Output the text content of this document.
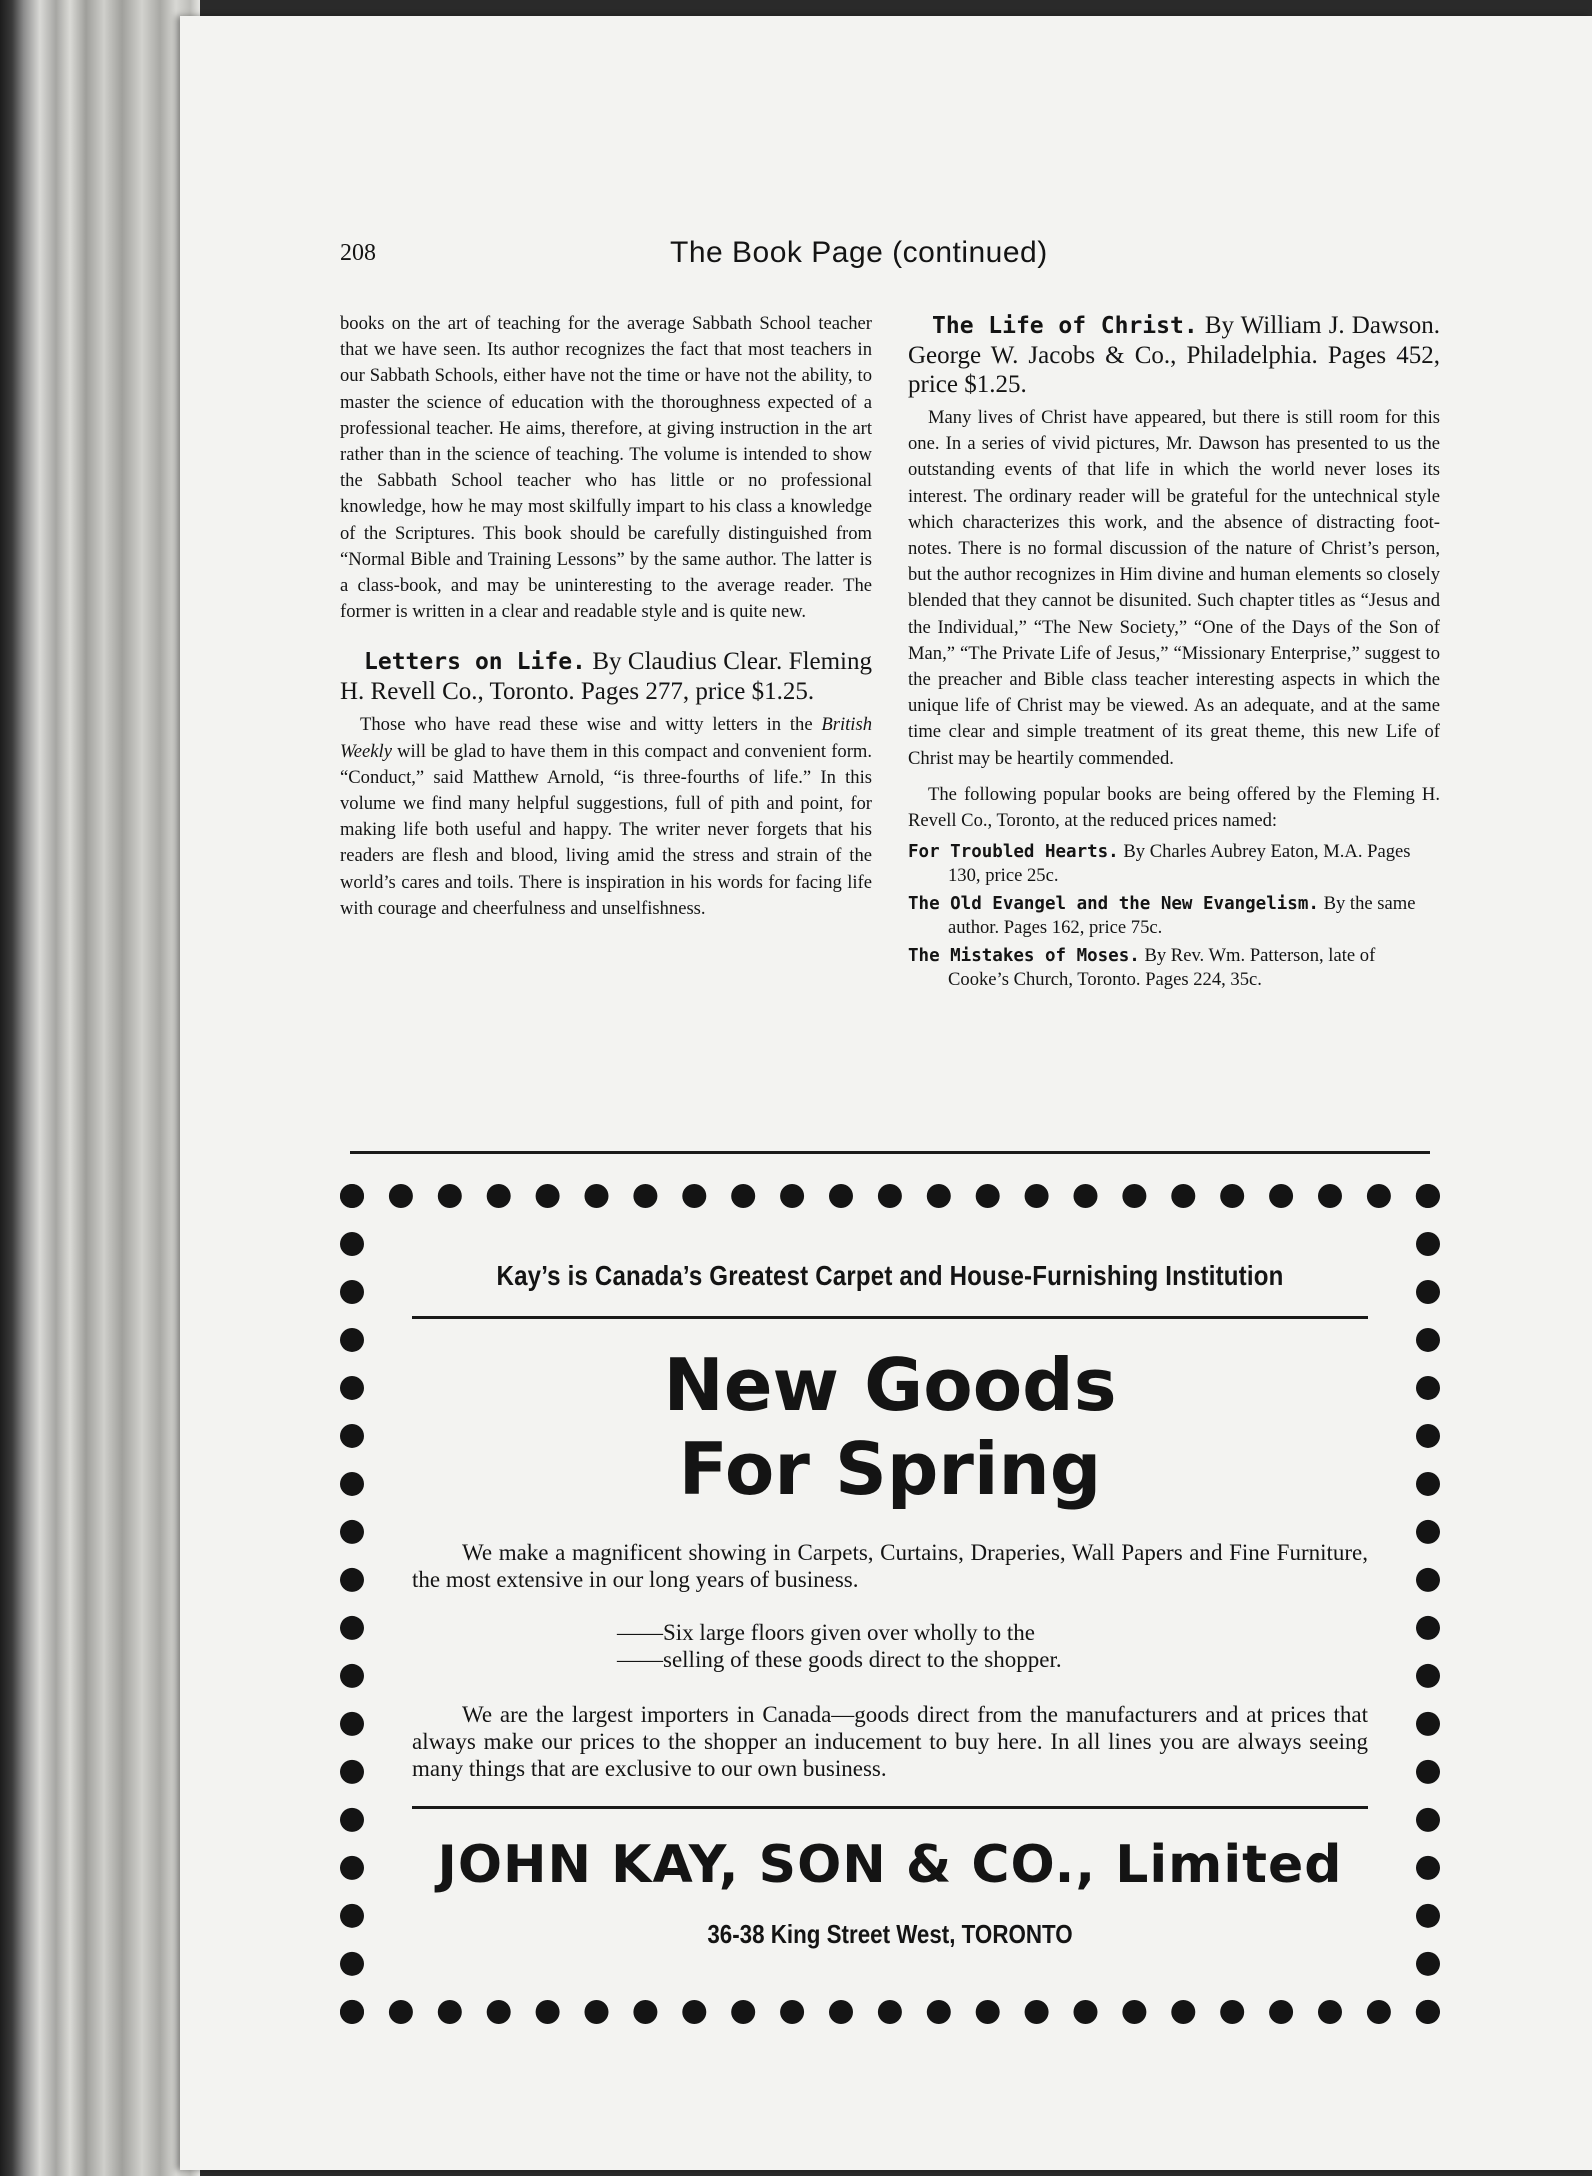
208	The Book Page (continued)

books on the art of teaching for the average Sabbath School teacher that we have seen. Its author recognizes the fact that most teachers in our Sabbath Schools, either have not the time or have not the ability, to master the science of education with the thoroughness expected of a professional teacher. He aims, therefore, at giving instruction in the art rather than in the science of teaching. The volume is intended to show the Sabbath School teacher who has little or no professional knowledge, how he may most skilfully impart to his class a knowledge of the Scriptures. This book should be carefully distinguished from “Normal Bible and Training Lessons” by the same author. The latter is a class-book, and may be uninteresting to the average reader. The former is written in a clear and readable style and is quite new.

Letters on Life. By Claudius Clear. Fleming H. Revell Co., Toronto. Pages 277, price $1.25.

Those who have read these wise and witty letters in the British Weekly will be glad to have them in this compact and convenient form. “Conduct,” said Matthew Arnold, “is three-fourths of life.” In this volume we find many helpful suggestions, full of pith and point, for making life both useful and happy. The writer never forgets that his readers are flesh and blood, living amid the stress and strain of the world’s cares and toils. There is inspiration in his words for facing life with courage and cheerfulness and unselfishness.

The Life of Christ. By William J. Dawson. George W. Jacobs & Co., Philadelphia. Pages 452, price $1.25.

Many lives of Christ have appeared, but there is still room for this one. In a series of vivid pictures, Mr. Dawson has presented to us the outstanding events of that life in which the world never loses its interest. The ordinary reader will be grateful for the untechnical style which characterizes this work, and the absence of distracting foot-notes. There is no formal discussion of the nature of Christ’s person, but the author recognizes in Him divine and human elements so closely blended that they cannot be disunited. Such chapter titles as “Jesus and the Individual,” “The New Society,” “One of the Days of the Son of Man,” “The Private Life of Jesus,” “Missionary Enterprise,” suggest to the preacher and Bible class teacher interesting aspects in which the unique life of Christ may be viewed. As an adequate, and at the same time clear and simple treatment of its great theme, this new Life of Christ may be heartily commended.

The following popular books are being offered by the Fleming H. Revell Co., Toronto, at the reduced prices named:

For Troubled Hearts. By Charles Aubrey Eaton, M.A. Pages 130, price 25c.
The Old Evangel and the New Evangelism. By the same author. Pages 162, price 75c.
The Mistakes of Moses. By Rev. Wm. Patterson, late of Cooke’s Church, Toronto. Pages 224, 35c.
Kay’s is Canada’s Greatest Carpet and House-Furnishing Institution
New Goods
For Spring
We make a magnificent showing in Carpets, Curtains, Draperies, Wall Papers and Fine Furniture, the most extensive in our long years of business.
——Six large floors given over wholly to the
——selling of these goods direct to the shopper.
We are the largest importers in Canada—goods direct from the manufacturers and at prices that always make our prices to the shopper an inducement to buy here. In all lines you are always seeing many things that are exclusive to our own business.
JOHN KAY, SON & CO., Limited
36-38 King Street West, TORONTO
